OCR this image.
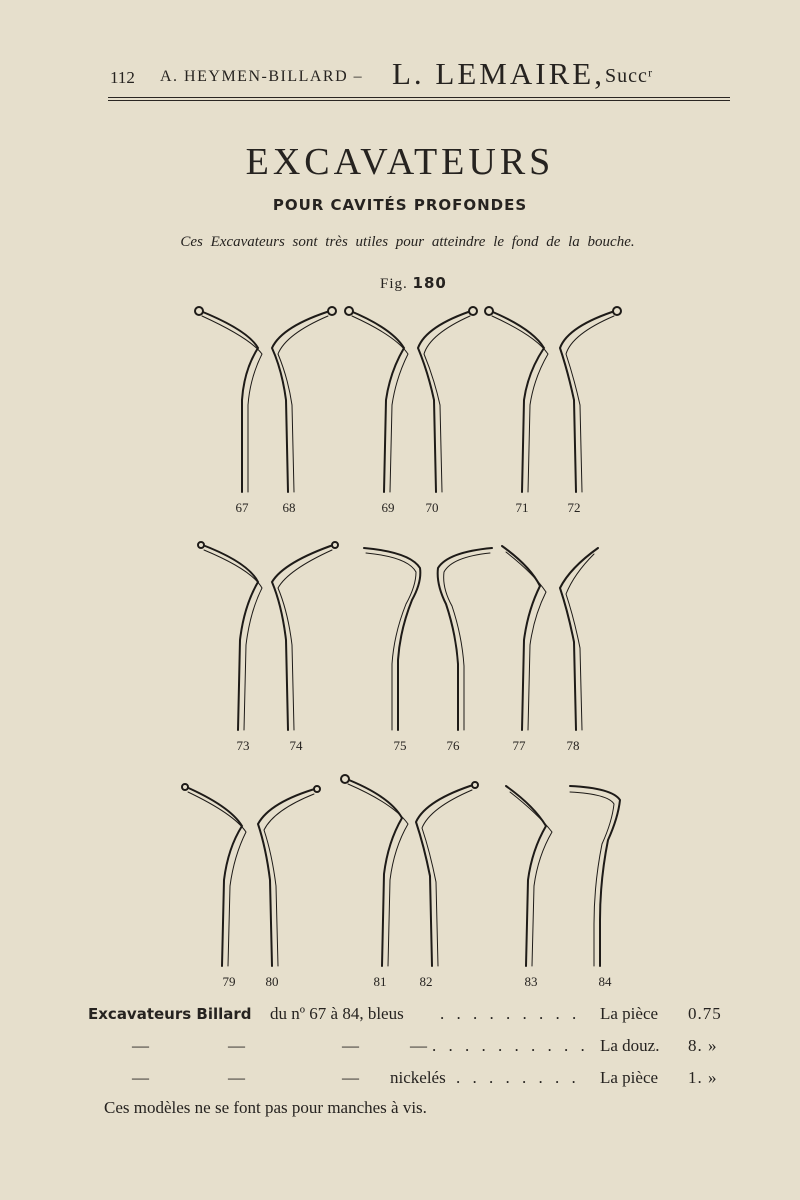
112 A. HEYMEN-BILLARD – L. LEMAIRE, Succʳ
EXCAVATEURS
POUR CAVITÉS PROFONDES
Ces Excavateurs sont très utiles pour atteindre le fond de la bouche.
Fig. 180
67	68	69	70	71	72
73	74	75	76	77	78
79	80	81	82	83	84
Excavateurs Billard du nº 67 à 84, bleus . . . . . . . . . La pièce 0.75
—	—	—	— . . . . . . . . . . La douz. 8. »
—	—	— nickelés . . . . . . . . La pièce 1. »
Ces modèles ne se font pas pour manches à vis.
